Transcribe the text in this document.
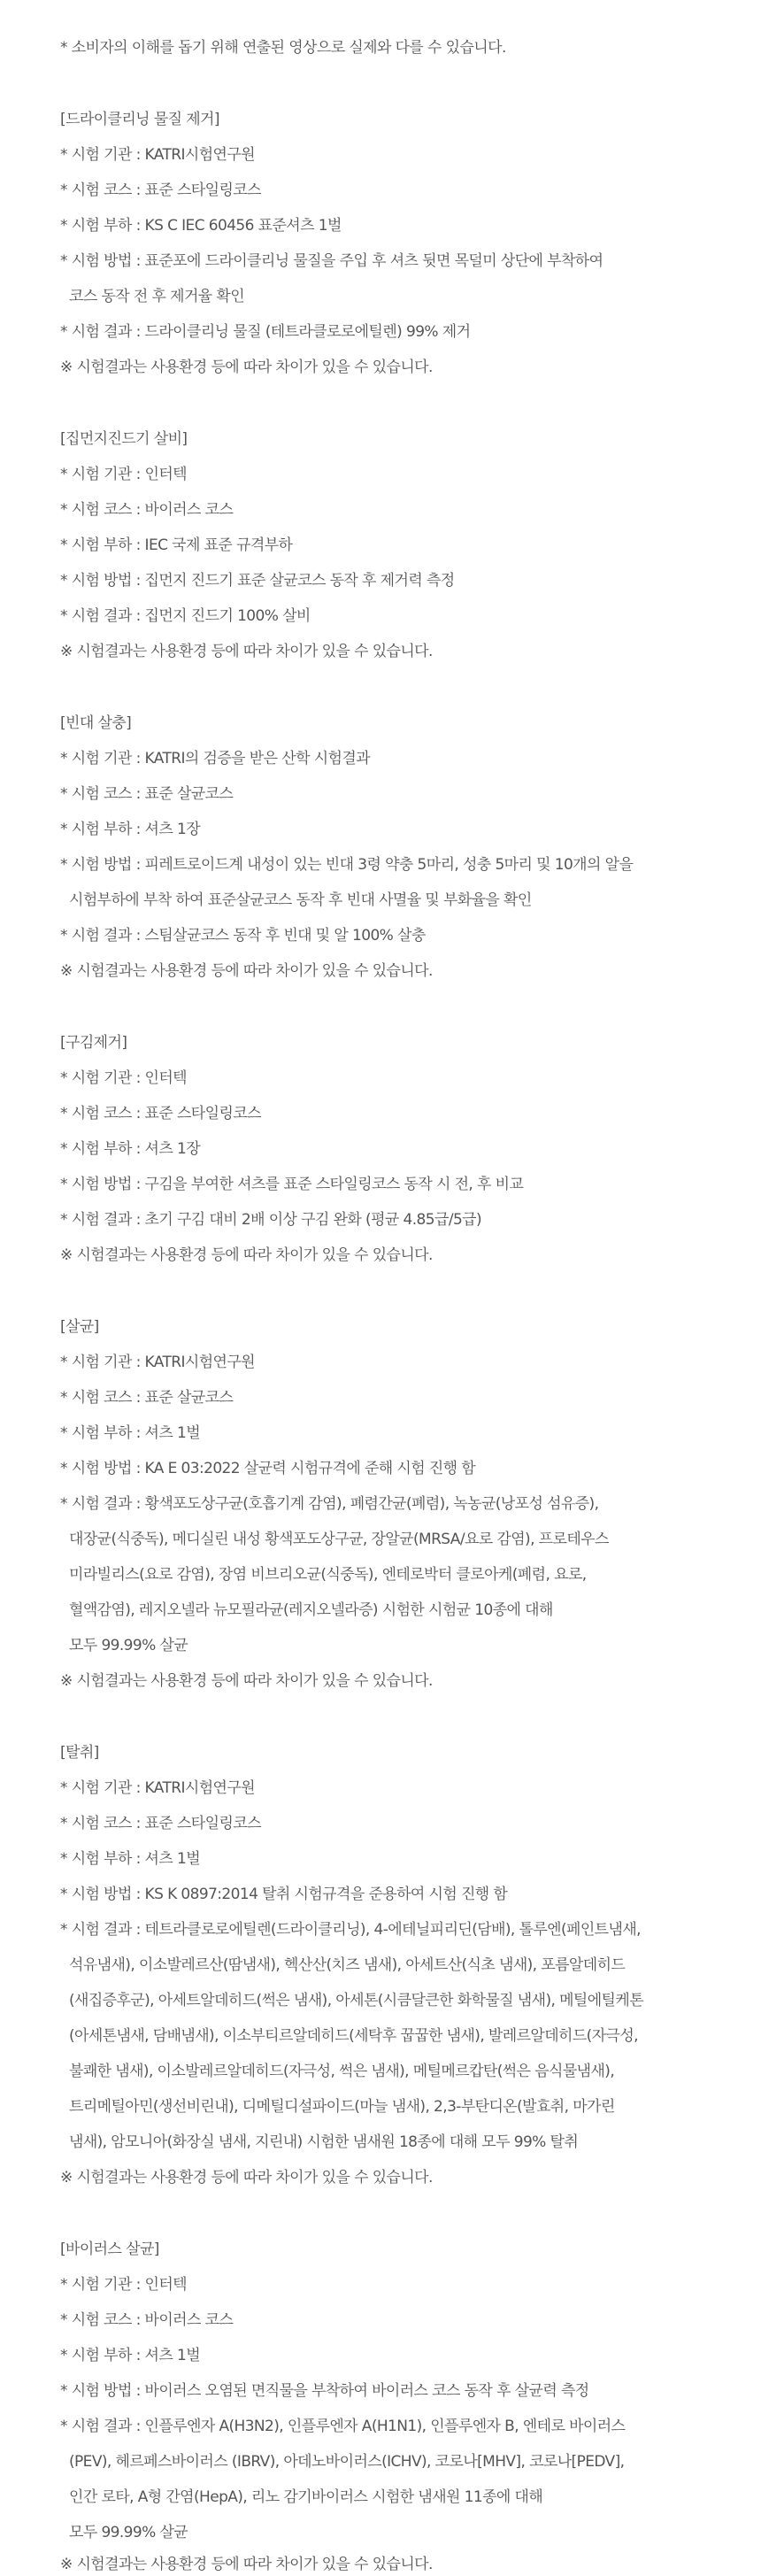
* 소비자의 이해를 돕기 위해 연출된 영상으로 실제와 다를 수 있습니다.
[드라이클리닝 물질 제거]
* 시험 기관 : KATRI시험연구원
* 시험 코스 : 표준 스타일링코스
* 시험 부하 : KS C IEC 60456 표준셔츠 1벌
* 시험 방법 : 표준포에 드라이클리닝 물질을 주입 후 셔츠 뒷면 목덜미 상단에 부착하여
코스 동작 전 후 제거율 확인
* 시험 결과 : 드라이클리닝 물질 (테트라클로로에틸렌) 99% 제거
※ 시험결과는 사용환경 등에 따라 차이가 있을 수 있습니다.
[집먼지진드기 살비]
* 시험 기관 : 인터텍
* 시험 코스 : 바이러스 코스
* 시험 부하 : IEC 국제 표준 규격부하
* 시험 방법 : 집먼지 진드기 표준 살균코스 동작 후 제거력 측정
* 시험 결과 : 집먼지 진드기 100% 살비
※ 시험결과는 사용환경 등에 따라 차이가 있을 수 있습니다.
[빈대 살충]
* 시험 기관 : KATRI의 검증을 받은 산학 시험결과
* 시험 코스 : 표준 살균코스
* 시험 부하 : 셔츠 1장
* 시험 방법 : 피레트로이드계 내성이 있는 빈대 3령 약충 5마리, 성충 5마리 및 10개의 알을
시험부하에 부착 하여 표준살균코스 동작 후 빈대 사멸율 및 부화율을 확인
* 시험 결과 : 스팀살균코스 동작 후 빈대 및 알 100% 살충
※ 시험결과는 사용환경 등에 따라 차이가 있을 수 있습니다.
[구김제거]
* 시험 기관 : 인터텍
* 시험 코스 : 표준 스타일링코스
* 시험 부하 : 셔츠 1장
* 시험 방법 : 구김을 부여한 셔츠를 표준 스타일링코스 동작 시 전, 후 비교
* 시험 결과 : 초기 구김 대비 2배 이상 구김 완화 (평균 4.85급/5급)
※ 시험결과는 사용환경 등에 따라 차이가 있을 수 있습니다.
[살균]
* 시험 기관 : KATRI시험연구원
* 시험 코스 : 표준 살균코스
* 시험 부하 : 셔츠 1벌
* 시험 방법 : KA E 03:2022 살균력 시험규격에 준해 시험 진행 함
* 시험 결과 : 황색포도상구균(호흡기계 감염), 폐렴간균(폐렴), 녹농균(낭포성 섬유증),
대장균(식중독), 메디실린 내성 황색포도상구균, 장알균(MRSA/요로 감염), 프로테우스
미라빌리스(요로 감염), 장염 비브리오균(식중독), 엔테로박터 클로아케(폐렴, 요로,
혈액감염), 레지오넬라 뉴모필라균(레지오넬라증) 시험한 시험균 10종에 대해
모두 99.99% 살균
※ 시험결과는 사용환경 등에 따라 차이가 있을 수 있습니다.
[탈취]
* 시험 기관 : KATRI시험연구원
* 시험 코스 : 표준 스타일링코스
* 시험 부하 : 셔츠 1벌
* 시험 방법 : KS K 0897:2014 탈취 시험규격을 준용하여 시험 진행 함
* 시험 결과 : 테트라클로로에틸렌(드라이클리닝), 4-에테닐피리딘(담배), 톨루엔(페인트냄새,
석유냄새), 이소발레르산(땀냄새), 헥산산(치즈 냄새), 아세트산(식초 냄새), 포름알데히드
(새집증후군), 아세트알데히드(썩은 냄새), 아세톤(시큼달큰한 화학물질 냄새), 메틸에틸케톤
(아세톤냄새, 담배냄새), 이소부티르알데히드(세탁후 꿉꿉한 냄새), 발레르알데히드(자극성,
불쾌한 냄새), 이소발레르알데히드(자극성, 썩은 냄새), 메틸메르캅탄(썩은 음식물냄새),
트리메틸아민(생선비린내), 디메틸디설파이드(마늘 냄새), 2,3-부탄디온(발효취, 마가린
냄새), 암모니아(화장실 냄새, 지린내) 시험한 냄새원 18종에 대해 모두 99% 탈취
※ 시험결과는 사용환경 등에 따라 차이가 있을 수 있습니다.
[바이러스 살균]
* 시험 기관 : 인터텍
* 시험 코스 : 바이러스 코스
* 시험 부하 : 셔츠 1벌
* 시험 방법 : 바이러스 오염된 면직물을 부착하여 바이러스 코스 동작 후 살균력 측정
* 시험 결과 : 인플루엔자 A(H3N2), 인플루엔자 A(H1N1), 인플루엔자 B, 엔테로 바이러스
(PEV), 헤르페스바이러스 (IBRV), 아데노바이러스(ICHV), 코로나[MHV], 코로나[PEDV],
인간 로타, A형 간염(HepA), 리노 감기바이러스 시험한 냄새원 11종에 대해
모두 99.99% 살균
※ 시험결과는 사용환경 등에 따라 차이가 있을 수 있습니다.
